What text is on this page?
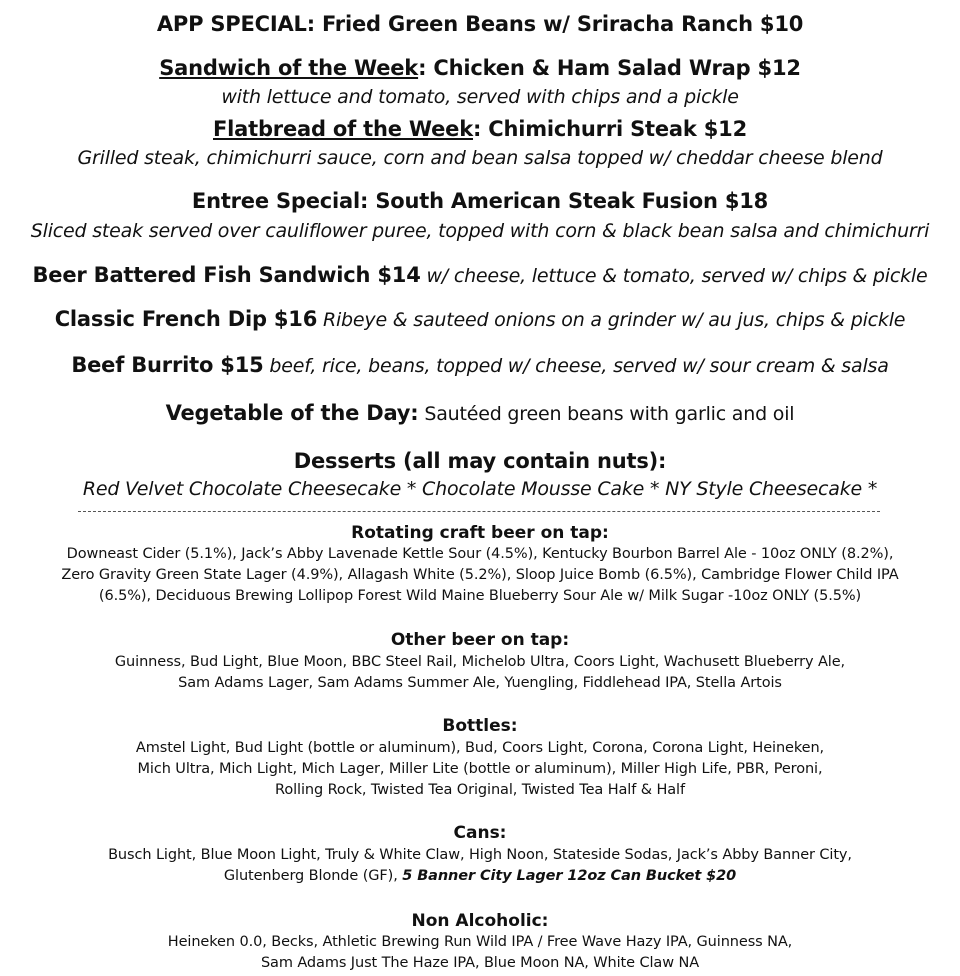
APP SPECIAL: Fried Green Beans w/ Sriracha Ranch $10
Sandwich of the Week: Chicken & Ham Salad Wrap $12
with lettuce and tomato, served with chips and a pickle
Flatbread of the Week: Chimichurri Steak $12
Grilled steak, chimichurri sauce, corn and bean salsa topped w/ cheddar cheese blend
Entree Special: South American Steak Fusion $18
Sliced steak served over cauliflower puree, topped with corn & black bean salsa and chimichurri
Beer Battered Fish Sandwich $14 w/ cheese, lettuce & tomato, served w/ chips & pickle
Classic French Dip $16 Ribeye & sauteed onions on a grinder w/ au jus, chips & pickle
Beef Burrito $15 beef, rice, beans, topped w/ cheese, served w/ sour cream & salsa
Vegetable of the Day: Sautéed green beans with garlic and oil
Desserts (all may contain nuts):
Red Velvet Chocolate Cheesecake * Chocolate Mousse Cake * NY Style Cheesecake *
Rotating craft beer on tap:
Downeast Cider (5.1%), Jack’s Abby Lavenade Kettle Sour (4.5%), Kentucky Bourbon Barrel Ale - 10oz ONLY (8.2%),
Zero Gravity Green State Lager (4.9%), Allagash White (5.2%), Sloop Juice Bomb (6.5%), Cambridge Flower Child IPA
(6.5%), Deciduous Brewing Lollipop Forest Wild Maine Blueberry Sour Ale w/ Milk Sugar -10oz ONLY (5.5%)
Other beer on tap:
Guinness, Bud Light, Blue Moon, BBC Steel Rail, Michelob Ultra, Coors Light, Wachusett Blueberry Ale,
Sam Adams Lager, Sam Adams Summer Ale, Yuengling, Fiddlehead IPA, Stella Artois
Bottles:
Amstel Light, Bud Light (bottle or aluminum), Bud, Coors Light, Corona, Corona Light, Heineken,
Mich Ultra, Mich Light, Mich Lager, Miller Lite (bottle or aluminum), Miller High Life, PBR, Peroni,
Rolling Rock, Twisted Tea Original, Twisted Tea Half & Half
Cans:
Busch Light, Blue Moon Light, Truly & White Claw, High Noon, Stateside Sodas, Jack’s Abby Banner City,
Glutenberg Blonde (GF), 5 Banner City Lager 12oz Can Bucket $20
Non Alcoholic:
Heineken 0.0, Becks, Athletic Brewing Run Wild IPA / Free Wave Hazy IPA, Guinness NA,
Sam Adams Just The Haze IPA, Blue Moon NA, White Claw NA
